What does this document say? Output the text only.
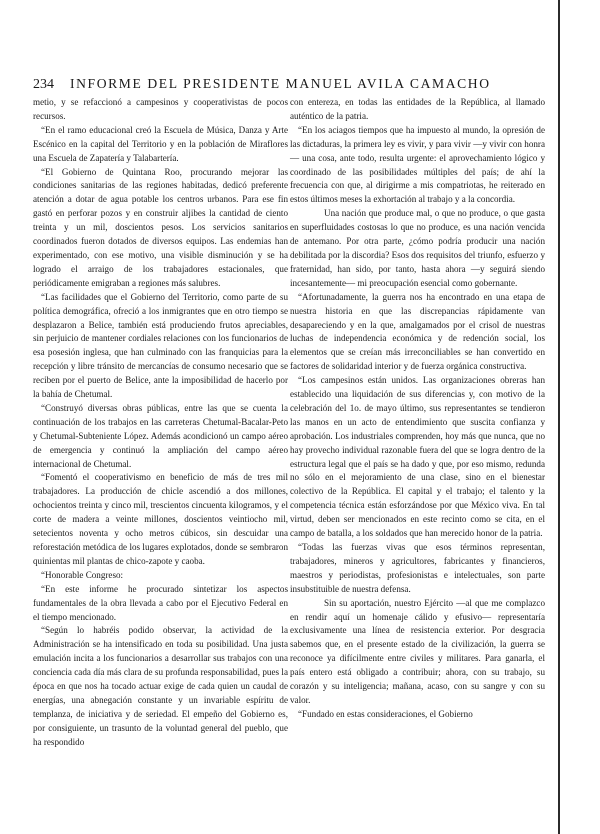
234 INFORME DEL PRESIDENTE MANUEL AVILA CAMACHO

metio, y se refaccionó a campesinos y cooperativistas de pocos recursos.

“En el ramo educacional creó la Escuela de Música, Danza y Arte Escénico en la capital del Territorio y en la población de Miraflores una Escuela de Zapatería y Talabartería.

“El Gobierno de Quintana Roo, procurando mejorar las condiciones sanitarias de las regiones habitadas, dedicó preferente atención a dotar de agua potable los centros urbanos. Para ese fin gastó en perforar pozos y en construir aljibes la cantidad de ciento treinta y un mil, doscientos pesos. Los servicios sanitarios coordinados fueron dotados de diversos equipos. Las endemias han experimentado, con ese motivo, una visible disminución y se ha logrado el arraigo de los trabajadores estacionales, que periódicamente emigraban a regiones más salubres.

“Las facilidades que el Gobierno del Territorio, como parte de su política demográfica, ofreció a los inmigrantes que en otro tiempo se desplazaron a Belice, también está produciendo frutos apreciables, sin perjuicio de mantener cordiales relaciones con los funcionarios de esa posesión inglesa, que han culminado con las franquicias para la recepción y libre tránsito de mercancías de consumo necesario que se reciben por el puerto de Belice, ante la imposibilidad de hacerlo por la bahía de Chetumal.

“Construyó diversas obras públicas, entre las que se cuenta la continuación de los trabajos en las carreteras Chetumal-Bacalar-Peto y Chetumal-Subteniente López. Además acondicionó un campo aéreo de emergencia y continuó la ampliación del campo aéreo internacional de Chetumal.

“Fomentó el cooperativismo en beneficio de más de tres mil trabajadores. La producción de chicle ascendió a dos millones, ochocientos treinta y cinco mil, trescientos cincuenta kilogramos, y el corte de madera a veinte millones, doscientos veintiocho mil, setecientos noventa y ocho metros cúbicos, sin descuidar una reforestación metódica de los lugares explotados, donde se sembraron quinientas mil plantas de chico-zapote y caoba.

“Honorable Congreso:

“En este informe he procurado sintetizar los aspectos fundamentales de la obra llevada a cabo por el Ejecutivo Federal en el tiempo mencionado.

“Según lo habréis podido observar, la actividad de la Administración se ha intensificado en toda su posibilidad. Una justa emulación incita a los funcionarios a desarrollar sus trabajos con una conciencia cada día más clara de su profunda responsabilidad, pues la época en que nos ha tocado actuar exige de cada quien un caudal de energías, una abnegación constante y un invariable espíritu de templanza, de iniciativa y de seriedad. El empeño del Gobierno es, por consiguiente, un trasunto de la voluntad general del pueblo, que ha respondido

con entereza, en todas las entidades de la República, al llamado auténtico de la patria.

“En los aciagos tiempos que ha impuesto al mundo, la opresión de las dictaduras, la primera ley es vivir, y para vivir —y vivir con honra— una cosa, ante todo, resulta urgente: el aprovechamiento lógico y coordinado de las posibilidades múltiples del país; de ahí la frecuencia con que, al dirigirme a mis compatriotas, he reiterado en estos últimos meses la exhortación al trabajo y a la concordia.

Una nación que produce mal, o que no produce, o que gasta en superfluidades costosas lo que no produce, es una nación vencida de antemano. Por otra parte, ¿cómo podría producir una nación debilitada por la discordia? Esos dos requisitos del triunfo, esfuerzo y fraternidad, han sido, por tanto, hasta ahora —y seguirá siendo incesantemente— mi preocupación esencial como gobernante.

“Afortunadamente, la guerra nos ha encontrado en una etapa de nuestra historia en que las discrepancias rápidamente van desapareciendo y en la que, amalgamados por el crisol de nuestras luchas de independencia económica y de redención social, los elementos que se creían más irreconciliables se han convertido en factores de solidaridad interior y de fuerza orgánica constructiva.

“Los campesinos están unidos. Las organizaciones obreras han establecido una liquidación de sus diferencias y, con motivo de la celebración del 1o. de mayo último, sus representantes se tendieron las manos en un acto de entendimiento que suscita confianza y aprobación. Los industriales comprenden, hoy más que nunca, que no hay provecho individual razonable fuera del que se logra dentro de la estructura legal que el país se ha dado y que, por eso mismo, redunda no sólo en el mejoramiento de una clase, sino en el bienestar colectivo de la República. El capital y el trabajo; el talento y la competencia técnica están esforzándose por que México viva. En tal virtud, deben ser mencionados en este recinto como se cita, en el campo de batalla, a los soldados que han merecido honor de la patria.

“Todas las fuerzas vivas que esos términos representan, trabajadores, mineros y agricultores, fabricantes y financieros, maestros y periodistas, profesionistas e intelectuales, son parte insubstituible de nuestra defensa.

Sin su aportación, nuestro Ejército —al que me complazco en rendir aquí un homenaje cálido y efusivo— representaría exclusivamente una línea de resistencia exterior. Por desgracia sabemos que, en el presente estado de la civilización, la guerra se reconoce ya difícilmente entre civiles y militares. Para ganarla, el país entero está obligado a contribuir; ahora, con su trabajo, su corazón y su inteligencia; mañana, acaso, con su sangre y con su valor.

“Fundado en estas consideraciones, el Gobierno
